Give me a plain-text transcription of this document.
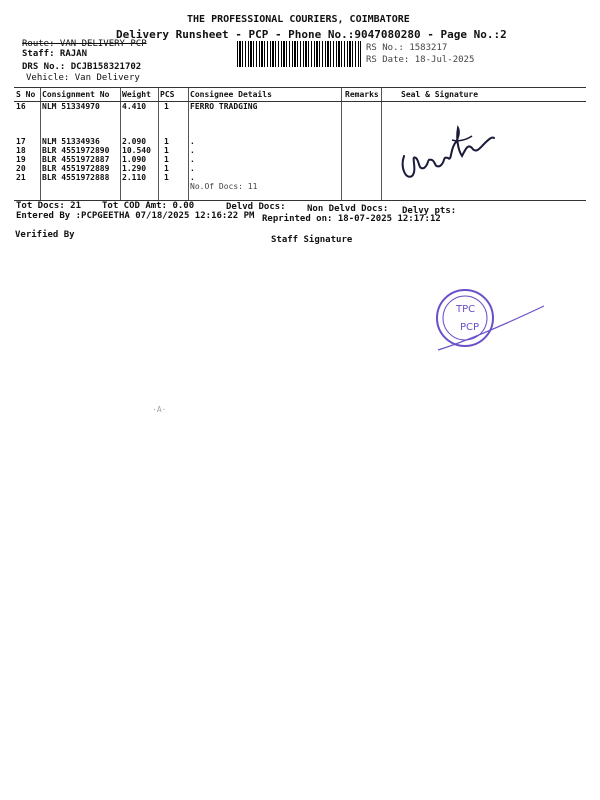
THE PROFESSIONAL COURIERS, COIMBATORE
Delivery Runsheet - PCP - Phone No.:9047080280 - Page No.:2
Route: VAN DELIVERY PCP
Staff: RAJAN
DRS No.: DCJB158321702
Vehicle: Van Delivery
RS No.: 1583217
RS Date: 18-Jul-2025
S No	Consignment No	Weight	PCS	Consignee Details	Remarks	Seal & Signature
16	NLM 51334970	4.410	1	FERRO TRADGING		

17	NLM 51334936	2.090	1	.		
18	BLR 4551972890	10.540	1	.		
19	BLR 4551972887	1.090	1	.		
20	BLR 4551972889	1.290	1	.		
21	BLR 4551972888	2.110	1	.		
				No.Of Docs: 11		
Tot Docs: 21 Tot COD Amt: 0.00	Delvd Docs: Non Delvd Docs: Delvy pts:
Entered By :PCPGEETHA 07/18/2025 12:16:22 PM Reprinted on: 18-07-2025 12:17:12
Verified By	Staff Signature
TPC
PCP
·A·
